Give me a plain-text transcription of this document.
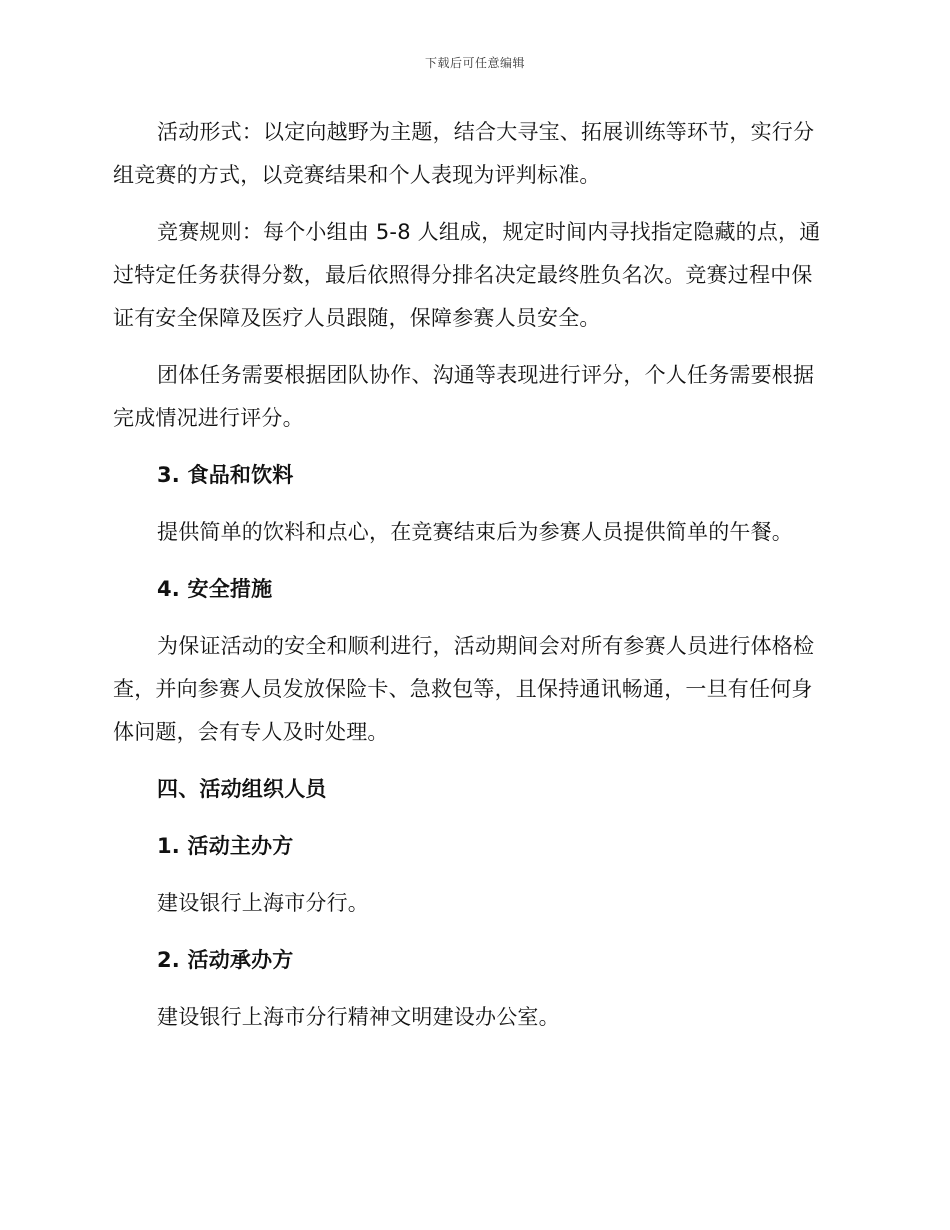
下载后可任意编辑

活动形式：以定向越野为主题，结合大寻宝、拓展训练等环节，实行分组竞赛的方式，以竞赛结果和个人表现为评判标准。

竞赛规则：每个小组由 5-8 人组成，规定时间内寻找指定隐藏的点，通过特定任务获得分数，最后依照得分排名决定最终胜负名次。竞赛过程中保证有安全保障及医疗人员跟随，保障参赛人员安全。

团体任务需要根据团队协作、沟通等表现进行评分，个人任务需要根据完成情况进行评分。

3. 食品和饮料

提供简单的饮料和点心，在竞赛结束后为参赛人员提供简单的午餐。

4. 安全措施

为保证活动的安全和顺利进行，活动期间会对所有参赛人员进行体格检查，并向参赛人员发放保险卡、急救包等，且保持通讯畅通，一旦有任何身体问题，会有专人及时处理。

四、活动组织人员
1. 活动主办方

建设银行上海市分行。

2. 活动承办方

建设银行上海市分行精神文明建设办公室。
